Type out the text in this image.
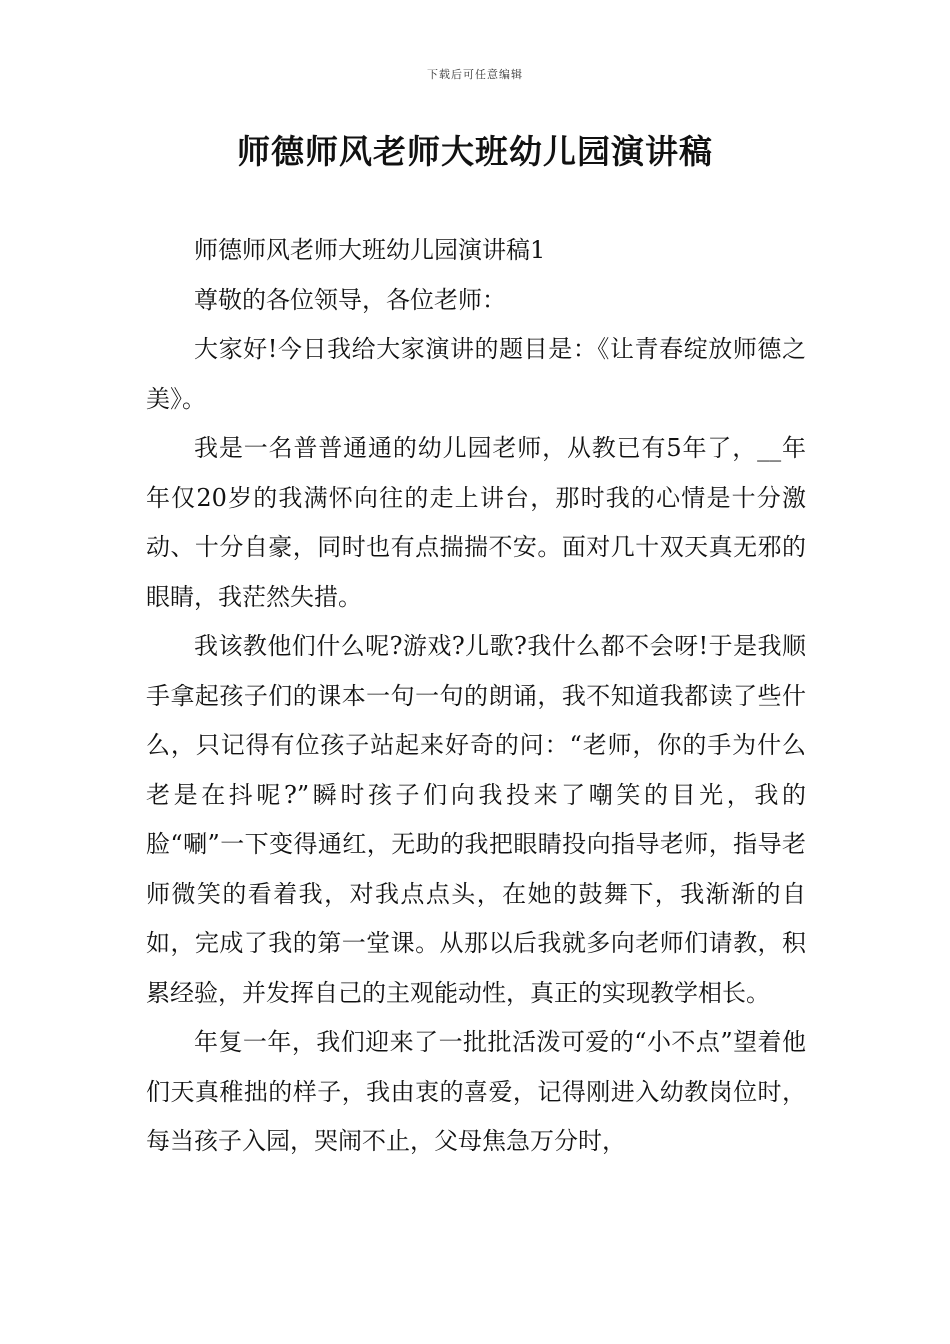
下载后可任意编辑
师德师风老师大班幼儿园演讲稿

师德师风老师大班幼儿园演讲稿1

尊敬的各位领导，各位老师：

大家好!今日我给大家演讲的题目是：《让青春绽放师德之美》。

我是一名普普通通的幼儿园老师，从教已有5年了，__年年仅20岁的我满怀向往的走上讲台，那时我的心情是十分激动、十分自豪，同时也有点揣揣不安。面对几十双天真无邪的眼睛，我茫然失措。

我该教他们什么呢?游戏?儿歌?我什么都不会呀!于是我顺手拿起孩子们的课本一句一句的朗诵，我不知道我都读了些什么，只记得有位孩子站起来好奇的问：“老师，你的手为什么老是在抖呢?”瞬时孩子们向我投来了嘲笑的目光，我的脸“唰”一下变得通红，无助的我把眼睛投向指导老师，指导老师微笑的看着我，对我点点头，在她的鼓舞下，我渐渐的自如，完成了我的第一堂课。从那以后我就多向老师们请教，积累经验，并发挥自己的主观能动性，真正的实现教学相长。

年复一年，我们迎来了一批批活泼可爱的“小不点”望着他们天真稚拙的样子，我由衷的喜爱，记得刚进入幼教岗位时，每当孩子入园，哭闹不止，父母焦急万分时，
